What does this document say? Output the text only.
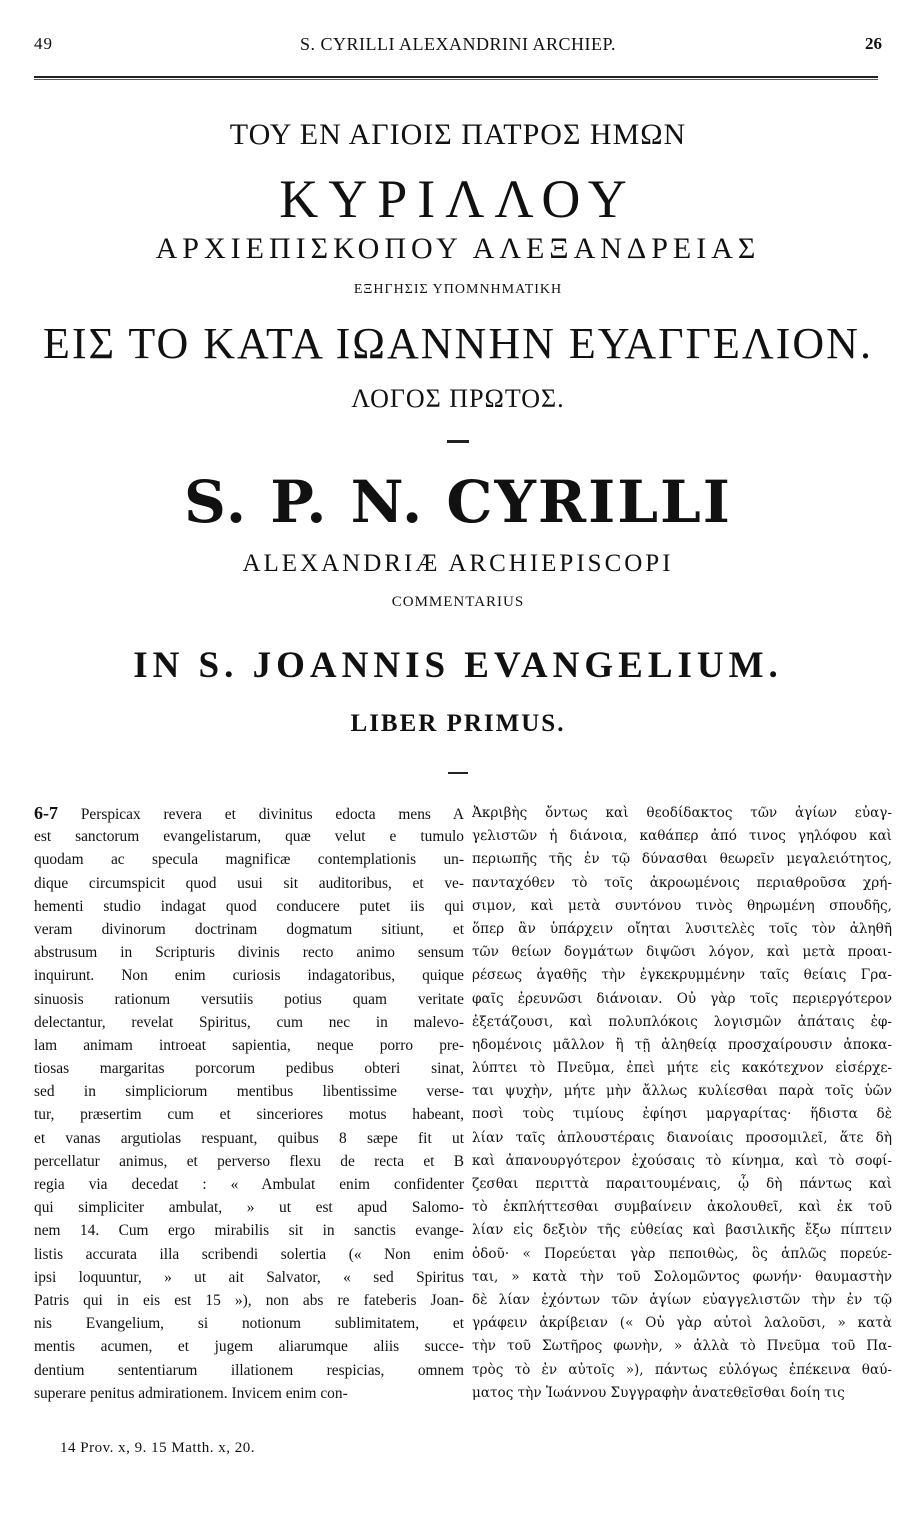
49	S. CYRILLI ALEXANDRINI ARCHIEP.	26
ΤΟΥ ΕΝ ΑΓΙΟΙΣ ΠΑΤΡΟΣ ΗΜΩΝ
ΚΥΡΙΛΛΟΥ
ΑΡΧΙΕΠΙΣΚΟΠΟΥ ΑΛΕΞΑΝΔΡΕΙΑΣ
ΕΞΗΓΗΣΙΣ ΥΠΟΜΝΗΜΑΤΙΚΗ
ΕΙΣ ΤΟ ΚΑΤΑ ΙΩΑΝΝΗΝ ΕΥΑΓΓΕΛΙΟΝ.
ΛΟΓΟΣ ΠΡΩΤΟΣ.
S. P. N. CYRILLI
ALEXANDRIÆ ARCHIEPISCOPI
COMMENTARIUS
IN S. JOANNIS EVANGELIUM.
LIBER PRIMUS.
6-7 Perspicax revera et divinitus edocta mens A
est sanctorum evangelistarum, quæ velut e tumulo
quodam ac specula magnificæ contemplationis un-
dique circumspicit quod usui sit auditoribus, et ve-
hementi studio indagat quod conducere putet iis qui
veram divinorum doctrinam dogmatum sitiunt, et
abstrusum in Scripturis divinis recto animo sensum
inquirunt. Non enim curiosis indagatoribus, quique
sinuosis rationum versutiis potius quam veritate
delectantur, revelat Spiritus, cum nec in malevo-
lam animam introeat sapientia, neque porro pre-
tiosas margaritas porcorum pedibus obteri sinat,
sed in simpliciorum mentibus libentissime verse-
tur, præsertim cum et sinceriores motus habeant,
et vanas argutiolas respuant, quibus 8 sæpe fit ut
percellatur animus, et perverso flexu de recta et B
regia via decedat : « Ambulat enim confidenter
qui simpliciter ambulat, » ut est apud Salomo-
nem 14. Cum ergo mirabilis sit in sanctis evange-
listis accurata illa scribendi solertia (« Non enim
ipsi loquuntur, » ut ait Salvator, « sed Spiritus
Patris qui in eis est 15 »), non abs re fateberis Joan-
nis Evangelium, si notionum sublimitatem, et
mentis acumen, et jugem aliarumque aliis succe-
dentium sententiarum illationem respicias, omnem
superare penitus admirationem. Invicem enim con-
Ἀκριβὴς ὄντως καὶ θεοδίδακτος τῶν ἁγίων εὐαγ-
γελιστῶν ἡ διάνοια, καθάπερ ἀπό τινος γηλόφου καὶ
περιωπῆς τῆς ἐν τῷ δύνασθαι θεωρεῖν μεγαλειότητος,
πανταχόθεν τὸ τοῖς ἀκροωμένοις περιαθροῦσα χρή-
σιμον, καὶ μετὰ συντόνου τινὸς θηρωμένη σπουδῆς,
ὅπερ ἂν ὑπάρχειν οἴηται λυσιτελὲς τοῖς τὸν ἀληθῆ
τῶν θείων δογμάτων διψῶσι λόγον, καὶ μετὰ προαι-
ρέσεως ἀγαθῆς τὴν ἐγκεκρυμμένην ταῖς θείαις Γρα-
φαῖς ἐρευνῶσι διάνοιαν. Οὐ γὰρ τοῖς περιεργότερον
ἐξετάζουσι, καὶ πολυπλόκοις λογισμῶν ἀπάταις ἐφ-
ηδομένοις μᾶλλον ἢ τῇ ἀληθείᾳ προσχαίρουσιν ἀποκα-
λύπτει τὸ Πνεῦμα, ἐπεὶ μήτε εἰς κακότεχνον εἰσέρχε-
ται ψυχὴν, μήτε μὴν ἄλλως κυλίεσθαι παρὰ τοῖς ὑῶν
ποσὶ τοὺς τιμίους ἐφίησι μαργαρίτας· ἥδιστα δὲ
λίαν ταῖς ἁπλουστέραις διανοίαις προσομιλεῖ, ἅτε δὴ
καὶ ἀπανουργότερον ἐχούσαις τὸ κίνημα, καὶ τὸ σοφί-
ζεσθαι περιττὰ παραιτουμέναις, ᾧ δὴ πάντως καὶ
τὸ ἐκπλήττεσθαι συμβαίνειν ἀκολουθεῖ, καὶ ἐκ τοῦ
λίαν εἰς δεξιὸν τῆς εὐθείας καὶ βασιλικῆς ἔξω πίπτειν
ὁδοῦ· « Πορεύεται γὰρ πεποιθὼς, ὃς ἁπλῶς πορεύε-
ται, » κατὰ τὴν τοῦ Σολομῶντος φωνήν· θαυμαστὴν
δὲ λίαν ἐχόντων τῶν ἁγίων εὐαγγελιστῶν τὴν ἐν τῷ
γράφειν ἀκρίβειαν (« Οὐ γὰρ αὐτοὶ λαλοῦσι, » κατὰ
τὴν τοῦ Σωτῆρος φωνὴν, » ἀλλὰ τὸ Πνεῦμα τοῦ Πα-
τρὸς τὸ ἐν αὐτοῖς »), πάντως εὐλόγως ἐπέκεινα θαύ-
ματος τὴν Ἰωάννου Συγγραφὴν ἀνατεθεῖσθαι δοίη τις
14 Prov. x, 9. 15 Matth. x, 20.
